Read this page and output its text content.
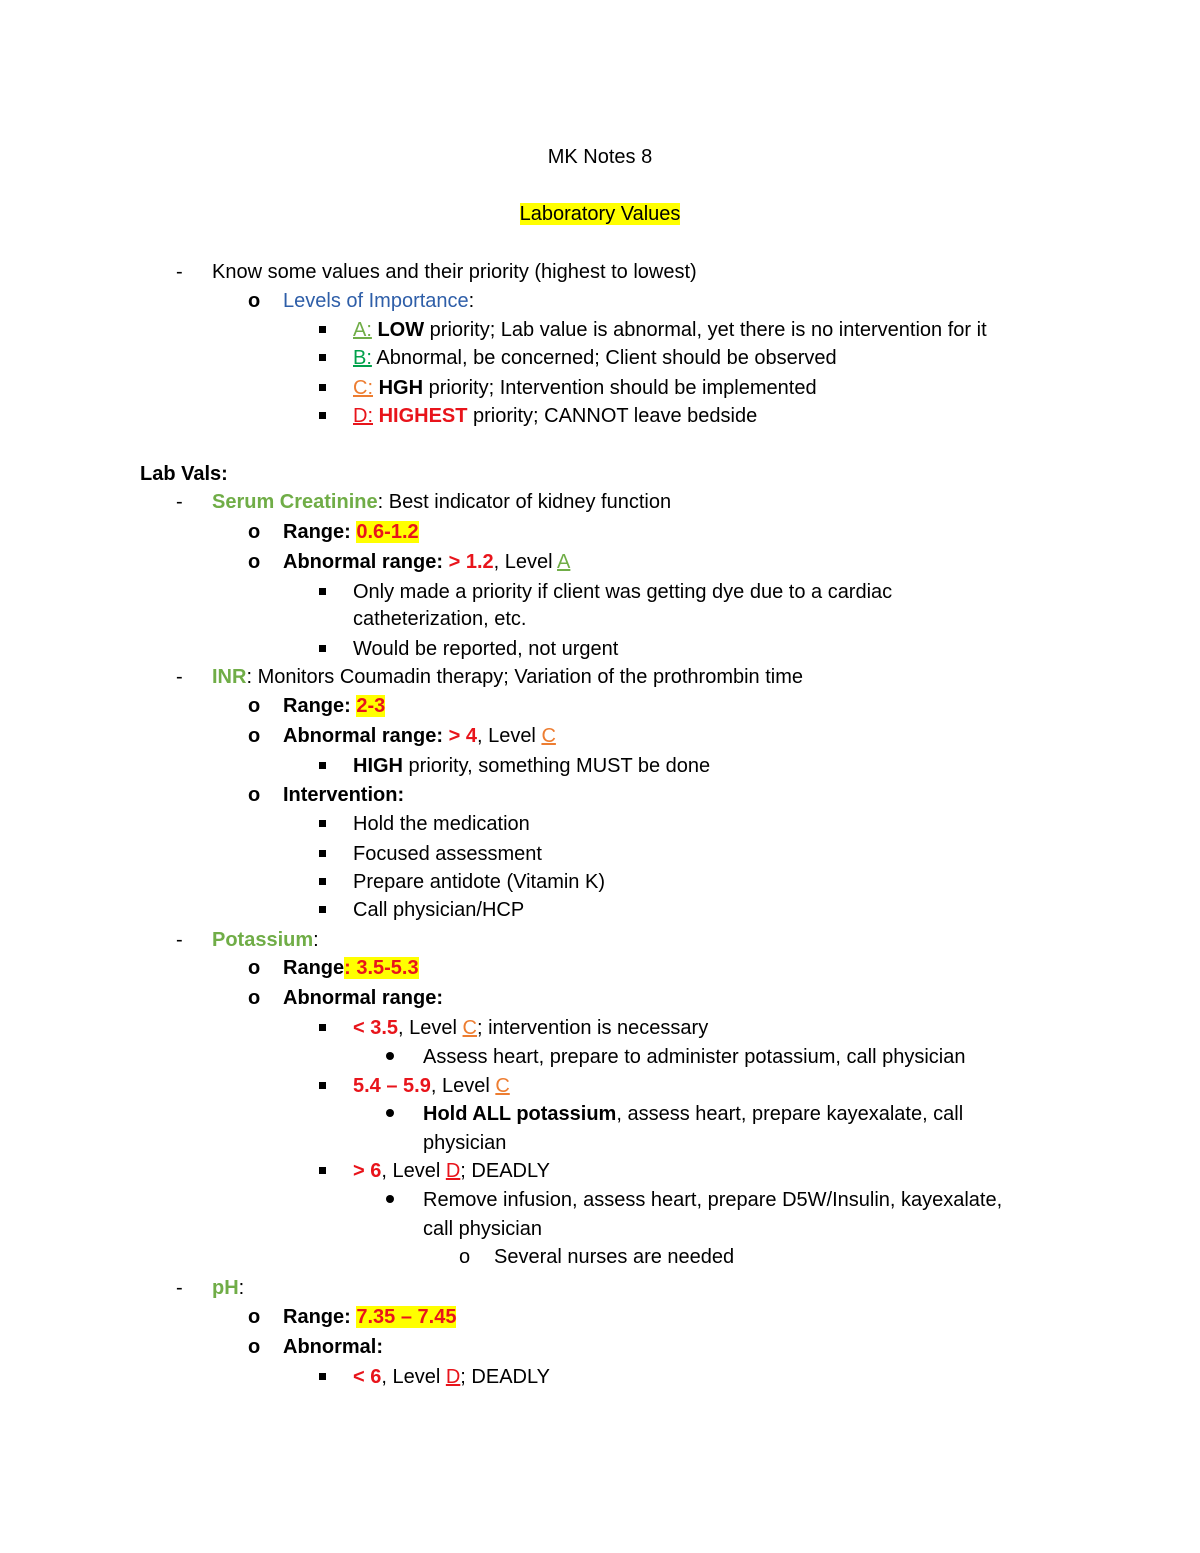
MK Notes 8
Laboratory Values
- Know some values and their priority (highest to lowest)
o Levels of Importance:
A: LOW priority; Lab value is abnormal, yet there is no intervention for it
B: Abnormal, be concerned; Client should be observed
C: HGH priority; Intervention should be implemented
D: HIGHEST priority; CANNOT leave bedside
Lab Vals:
- Serum Creatinine: Best indicator of kidney function
o Range: 0.6-1.2
o Abnormal range: > 1.2, Level A
Only made a priority if client was getting dye due to a cardiac
catheterization, etc.
Would be reported, not urgent
- INR: Monitors Coumadin therapy; Variation of the prothrombin time
o Range: 2-3
o Abnormal range: > 4, Level C
HIGH priority, something MUST be done
o Intervention:
Hold the medication
Focused assessment
Prepare antidote (Vitamin K)
Call physician/HCP
- Potassium:
o Range: 3.5-5.3
o Abnormal range:
< 3.5, Level C; intervention is necessary
Assess heart, prepare to administer potassium, call physician
5.4 – 5.9, Level C
Hold ALL potassium, assess heart, prepare kayexalate, call
physician
> 6, Level D; DEADLY
Remove infusion, assess heart, prepare D5W/Insulin, kayexalate,
call physician
o Several nurses are needed
- pH:
o Range: 7.35 – 7.45
o Abnormal:
< 6, Level D; DEADLY
